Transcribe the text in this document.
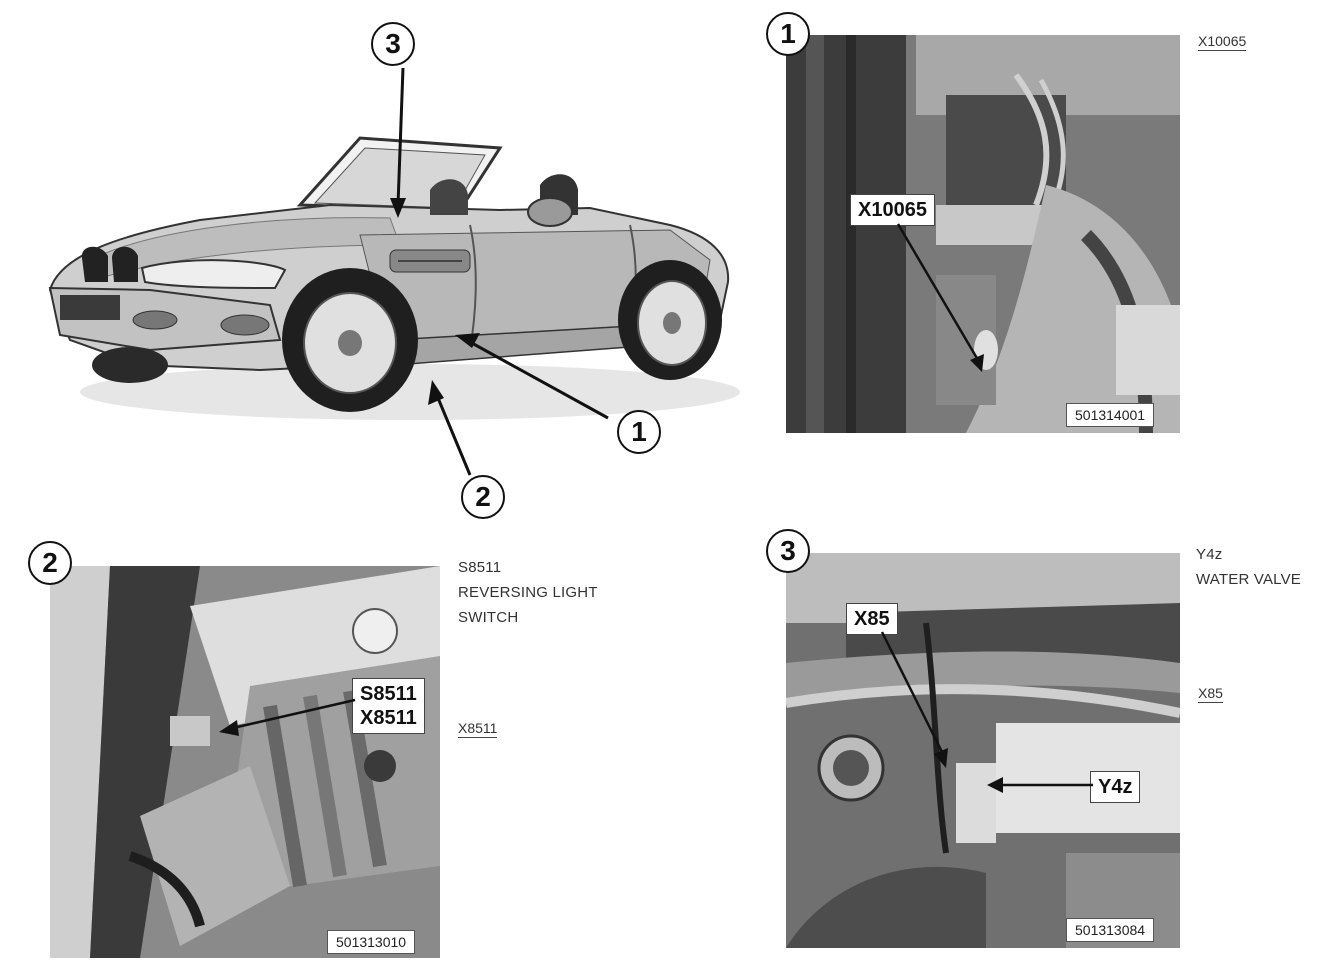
3
1
2
1
X10065
501314001
X10065
2
S8511
X8511
501313010
S8511
REVERSING LIGHT
SWITCH
X8511
3
X85
Y4z
501313084
Y4z
WATER VALVE
X85
